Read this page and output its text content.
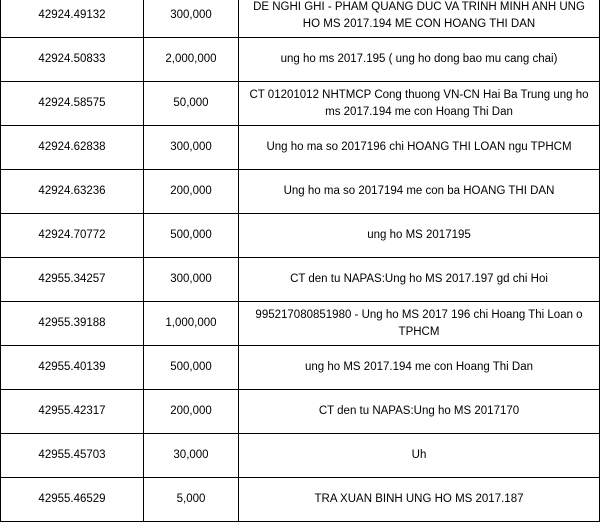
42924.49132	300,000	DE NGHI GHI - PHAM QUANG DUC VA TRINH MINH ANH UNG HO MS 2017.194 ME CON HOANG THI DAN
42924.50833	2,000,000	ung ho ms 2017.195 ( ung ho dong bao mu cang chai)
42924.58575	50,000	CT 01201012 NHTMCP Cong thuong VN-CN Hai Ba Trung ung ho ms 2017.194 me con Hoang Thi Dan
42924.62838	300,000	Ung ho ma so 2017196 chi HOANG THI LOAN ngu TPHCM
42924.63236	200,000	Ung ho ma so 2017194 me con ba HOANG THI DAN
42924.70772	500,000	ung ho MS 2017195
42955.34257	300,000	CT den tu NAPAS:Ung ho MS 2017.197 gd chi Hoi
42955.39188	1,000,000	995217080851980 - Ung ho MS 2017 196 chi Hoang Thi Loan o TPHCM
42955.40139	500,000	ung ho MS 2017.194 me con Hoang Thi Dan
42955.42317	200,000	CT den tu NAPAS:Ung ho MS 2017170
42955.45703	30,000	Uh
42955.46529	5,000	TRA XUAN BINH UNG HO MS 2017.187
